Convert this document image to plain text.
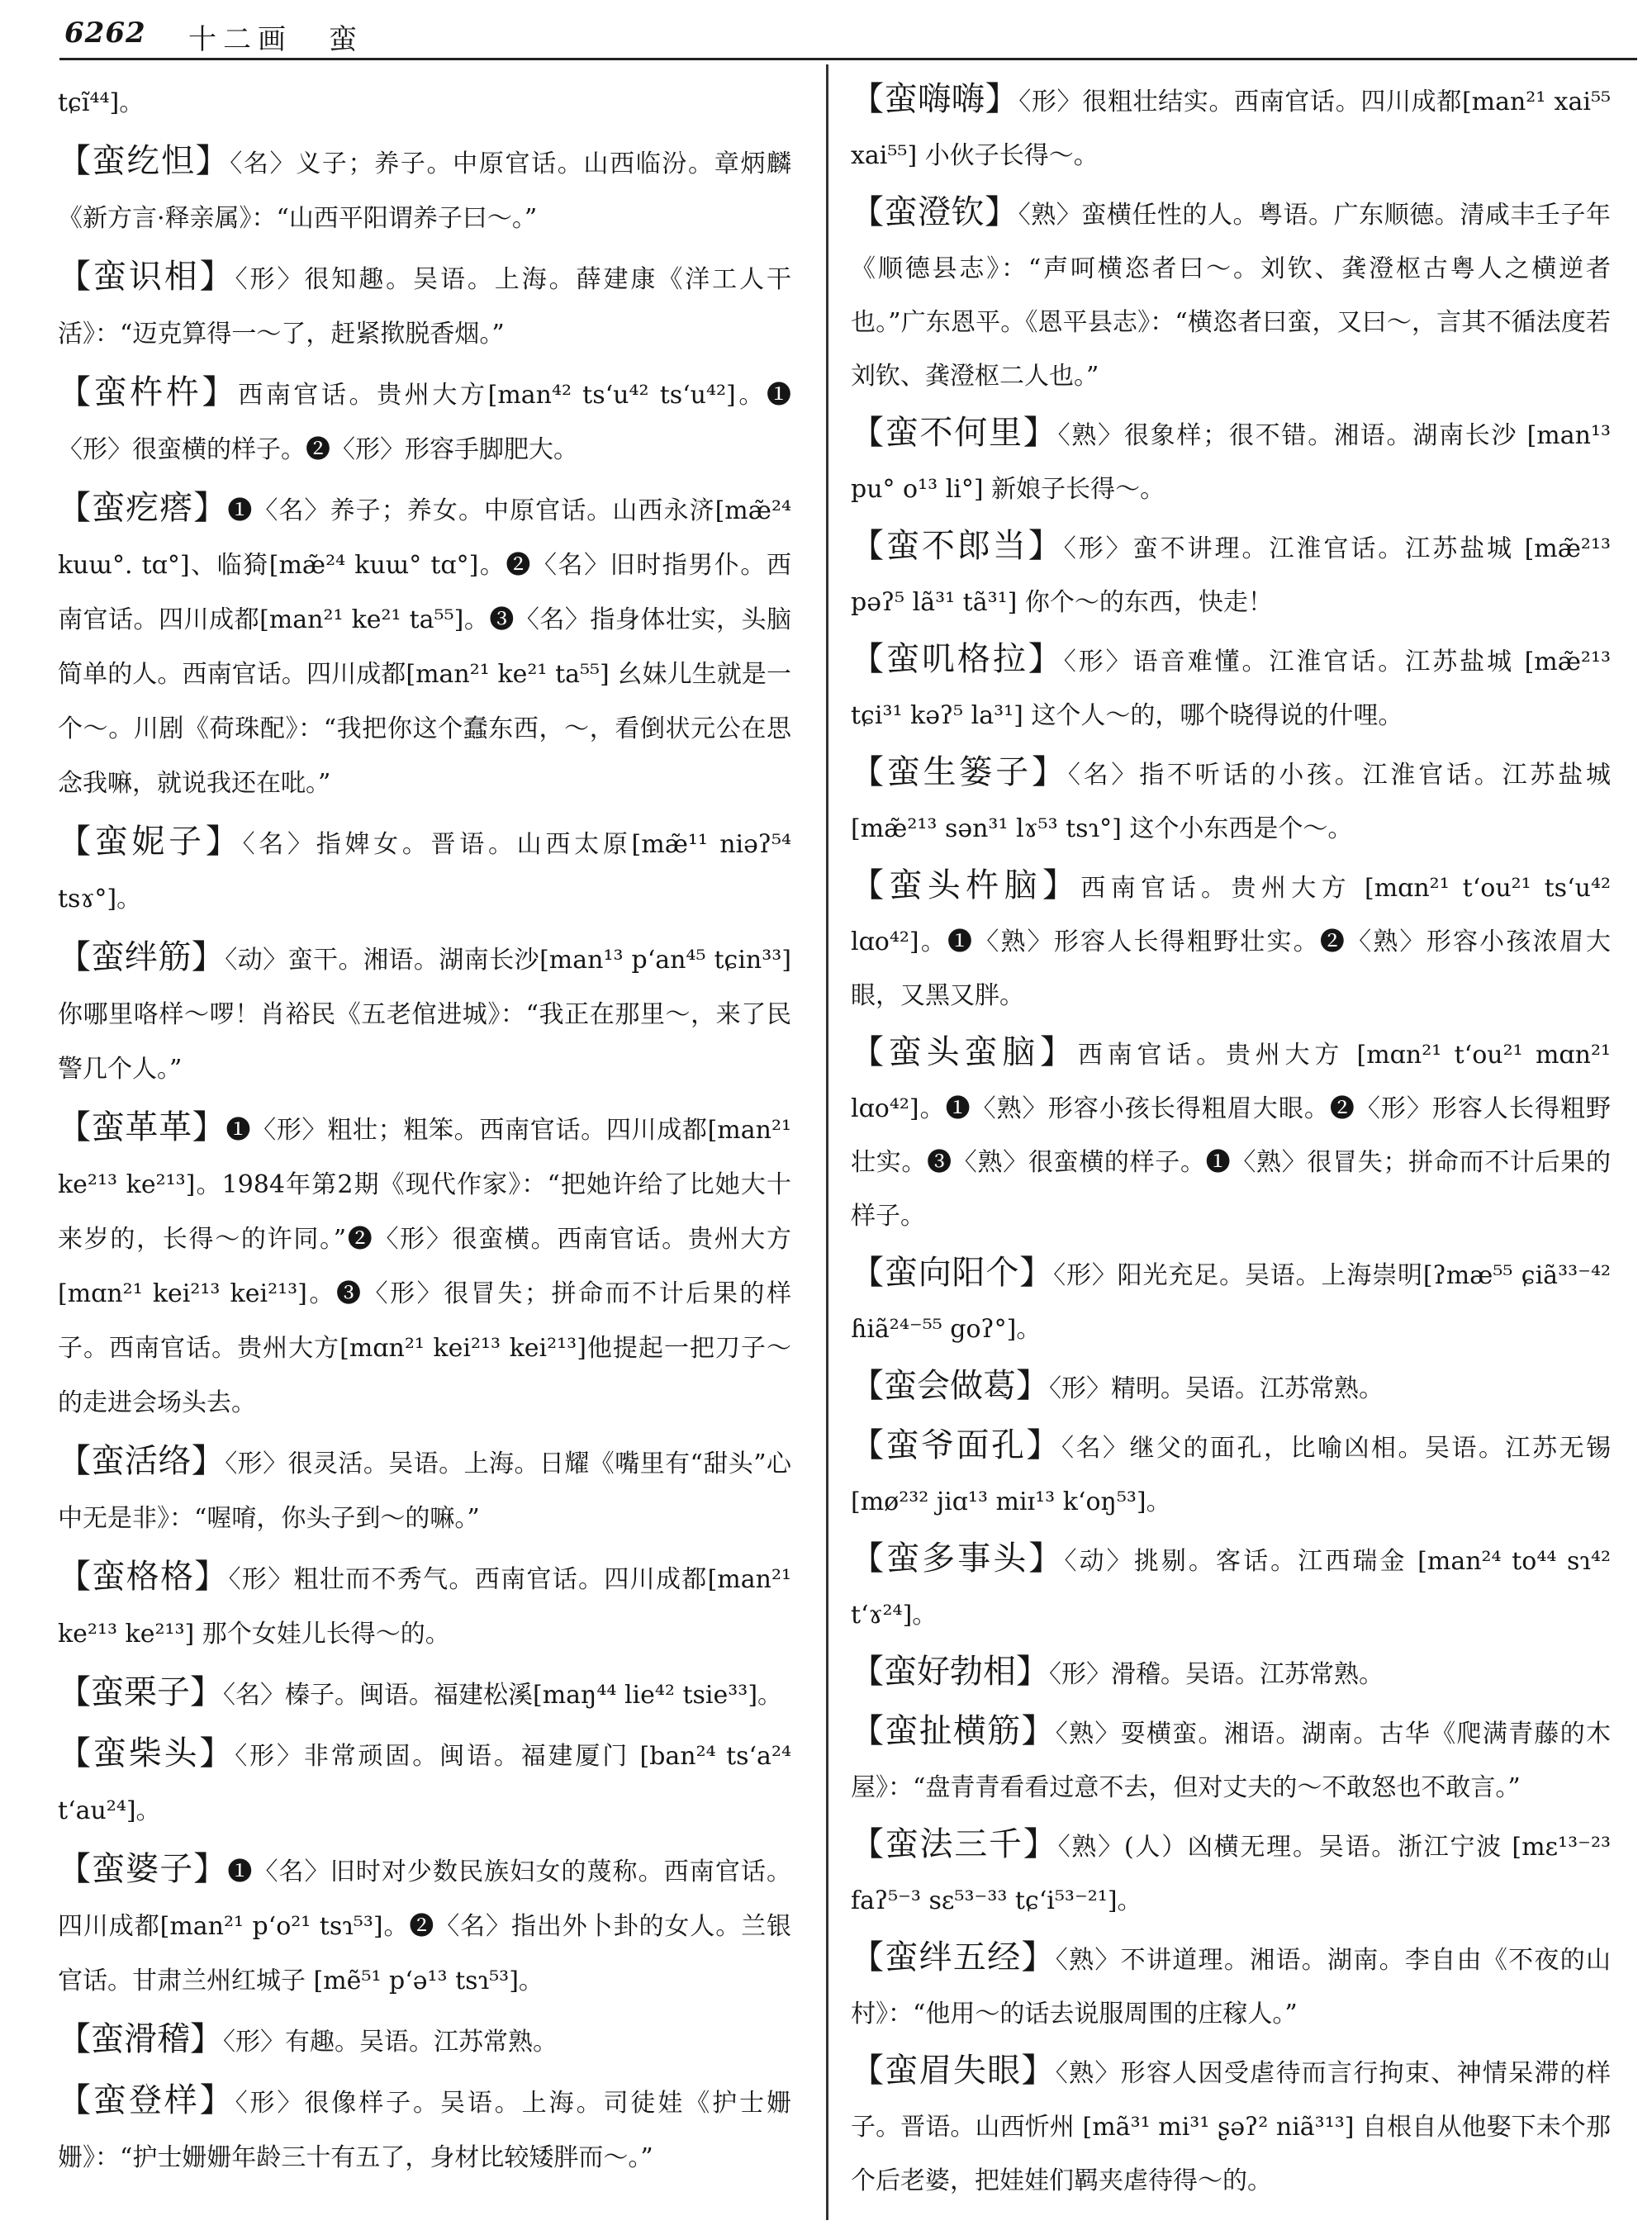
6262 十二画 蛮
tɕĩ⁴⁴]。
【蛮纥怛】〈名〉义子；养子。中原官话。山西临汾。章炳麟《新方言·释亲属》：“山西平阳谓养子曰～。”
【蛮识相】〈形〉很知趣。吴语。上海。薛建康《洋工人干活》：“迈克算得一～了，赶紧揿脱香烟。”
【蛮杵杵】西南官话。贵州大方[man⁴² ts‘u⁴² ts‘u⁴²]。❶〈形〉很蛮横的样子。❷〈形〉形容手脚肥大。
【蛮疙瘩】❶〈名〉养子；养女。中原官话。山西永济[mæ̃²⁴ kuɯ°. tɑ°]、临猗[mæ̃²⁴ kuɯ° tɑ°]。❷〈名〉旧时指男仆。西南官话。四川成都[man²¹ ke²¹ ta⁵⁵]。❸〈名〉指身体壮实，头脑简单的人。西南官话。四川成都[man²¹ ke²¹ ta⁵⁵] 幺妹儿生就是一个～。川剧《荷珠配》：“我把你这个蠢东西，～，看倒状元公在思念我嘛，就说我还在吡。”
【蛮妮子】〈名〉指婢女。晋语。山西太原[mæ̃¹¹ niəʔ⁵⁴ tsɤ°]。
【蛮绊筋】〈动〉蛮干。湘语。湖南长沙[man¹³ p‘an⁴⁵ tɕin³³]你哪里咯样～啰！肖裕民《五老倌进城》：“我正在那里～，来了民警几个人。”
【蛮革革】❶〈形〉粗壮；粗笨。西南官话。四川成都[man²¹ ke²¹³ ke²¹³]。1984年第2期《现代作家》：“把她许给了比她大十来岁的，长得～的许同。”❷〈形〉很蛮横。西南官话。贵州大方[mɑn²¹ kei²¹³ kei²¹³]。❸〈形〉很冒失；拼命而不计后果的样子。西南官话。贵州大方[mɑn²¹ kei²¹³ kei²¹³]他提起一把刀子～的走进会场头去。
【蛮活络】〈形〉很灵活。吴语。上海。日耀《嘴里有“甜头”心中无是非》：“喔唷，你头子到～的嘛。”
【蛮格格】〈形〉粗壮而不秀气。西南官话。四川成都[man²¹ ke²¹³ ke²¹³] 那个女娃儿长得～的。
【蛮栗子】〈名〉榛子。闽语。福建松溪[maŋ⁴⁴ lie⁴² tsie³³]。
【蛮柴头】〈形〉非常顽固。闽语。福建厦门 [ban²⁴ ts‘a²⁴ t‘au²⁴]。
【蛮婆子】❶〈名〉旧时对少数民族妇女的蔑称。西南官话。四川成都[man²¹ p‘o²¹ tsɿ⁵³]。❷〈名〉指出外卜卦的女人。兰银官话。甘肃兰州红城子 [mẽ⁵¹ p‘ə¹³ tsɿ⁵³]。
【蛮滑稽】〈形〉有趣。吴语。江苏常熟。
【蛮登样】〈形〉很像样子。吴语。上海。司徒娃《护士姗姗》：“护士姗姗年龄三十有五了，身材比较矮胖而～。”
【蛮嗨嗨】〈形〉很粗壮结实。西南官话。四川成都[man²¹ xai⁵⁵ xai⁵⁵] 小伙子长得～。
【蛮澄钦】〈熟〉蛮横任性的人。粤语。广东顺德。清咸丰壬子年《顺德县志》：“声呵横恣者曰～。刘钦、龚澄枢古粤人之横逆者也。”广东恩平。《恩平县志》：“横恣者曰蛮，又曰～，言其不循法度若刘钦、龚澄枢二人也。”
【蛮不何里】〈熟〉很象样；很不错。湘语。湖南长沙 [man¹³ pu° o¹³ li°] 新娘子长得～。
【蛮不郎当】〈形〉蛮不讲理。江淮官话。江苏盐城 [mæ̃²¹³ pəʔ⁵ lã³¹ tã³¹] 你个～的东西，快走！
【蛮叽格拉】〈形〉语音难懂。江淮官话。江苏盐城 [mæ̃²¹³ tɕi³¹ kəʔ⁵ la³¹] 这个人～的，哪个晓得说的什哩。
【蛮生篓子】〈名〉指不听话的小孩。江淮官话。江苏盐城 [mæ̃²¹³ sən³¹ lɤ⁵³ tsɿ°] 这个小东西是个～。
【蛮头杵脑】西南官话。贵州大方 [mɑn²¹ t‘ou²¹ ts‘u⁴² lɑo⁴²]。❶〈熟〉形容人长得粗野壮实。❷〈熟〉形容小孩浓眉大眼，又黑又胖。
【蛮头蛮脑】西南官话。贵州大方 [mɑn²¹ t‘ou²¹ mɑn²¹ lɑo⁴²]。❶〈熟〉形容小孩长得粗眉大眼。❷〈形〉形容人长得粗野壮实。❸〈熟〉很蛮横的样子。❶〈熟〉很冒失；拼命而不计后果的样子。
【蛮向阳个】〈形〉阳光充足。吴语。上海崇明[ʔmæ⁵⁵ ɕiã³³⁻⁴² ɦiã²⁴⁻⁵⁵ goʔ°]。
【蛮会做葛】〈形〉精明。吴语。江苏常熟。
【蛮爷面孔】〈名〉继父的面孔，比喻凶相。吴语。江苏无锡 [mø²³² jiɑ¹³ miɪ¹³ k‘oŋ⁵³]。
【蛮多事头】〈动〉挑剔。客话。江西瑞金 [man²⁴ to⁴⁴ sɿ⁴² t‘ɤ²⁴]。
【蛮好勃相】〈形〉滑稽。吴语。江苏常熟。
【蛮扯横筋】〈熟〉耍横蛮。湘语。湖南。古华《爬满青藤的木屋》：“盘青青看看过意不去，但对丈夫的～不敢怒也不敢言。”
【蛮法三千】〈熟〉(人）凶横无理。吴语。浙江宁波 [mɛ¹³⁻²³ faʔ⁵⁻³ sɛ⁵³⁻³³ tɕ‘i⁵³⁻²¹]。
【蛮绊五经】〈熟〉不讲道理。湘语。湖南。李自由《不夜的山村》：“他用～的话去说服周围的庄稼人。”
【蛮眉失眼】〈熟〉形容人因受虐待而言行拘束、神情呆滞的样子。晋语。山西忻州 [mã³¹ mi³¹ ʂəʔ² niã³¹³] 自根自从他娶下未个那个后老婆，把娃娃们羁夹虐待得～的。
